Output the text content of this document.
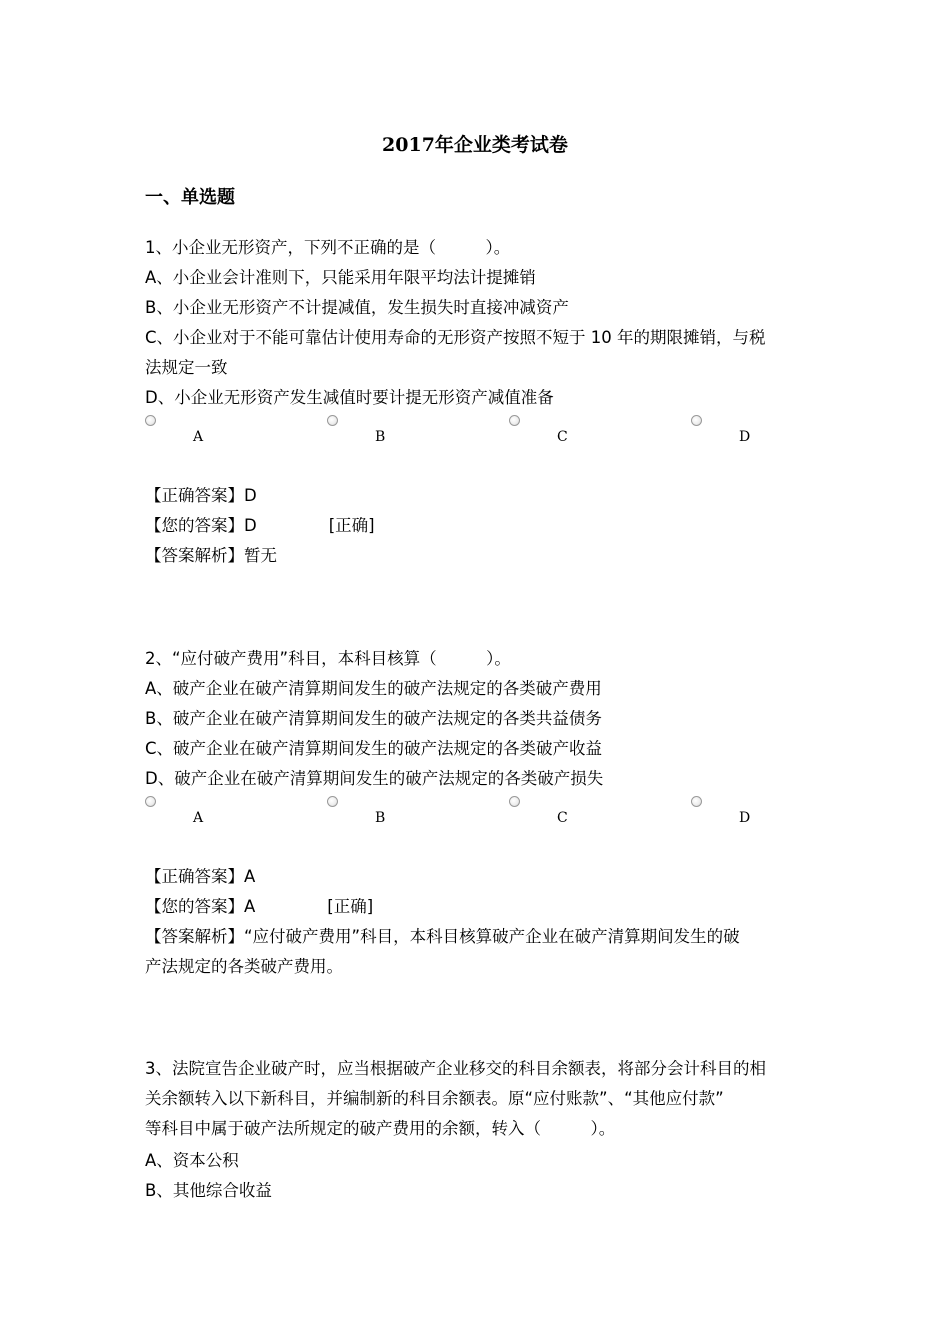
2017年企业类考试卷
一、单选题
1、小企业无形资产，下列不正确的是（　　　）。
A、小企业会计准则下，只能采用年限平均法计提摊销
B、小企业无形资产不计提减值，发生损失时直接冲减资产
C、小企业对于不能可靠估计使用寿命的无形资产按照不短于 10 年的期限摊销，与税
法规定一致
D、小企业无形资产发生减值时要计提无形资产减值准备
A	B	C	D
【正确答案】D
【您的答案】D	[正确]
【答案解析】暂无
2、“应付破产费用”科目，本科目核算（　　　）。
A、破产企业在破产清算期间发生的破产法规定的各类破产费用
B、破产企业在破产清算期间发生的破产法规定的各类共益债务
C、破产企业在破产清算期间发生的破产法规定的各类破产收益
D、破产企业在破产清算期间发生的破产法规定的各类破产损失
A	B	C	D
【正确答案】A
【您的答案】A	[正确]
【答案解析】“应付破产费用”科目，本科目核算破产企业在破产清算期间发生的破
产法规定的各类破产费用。
3、法院宣告企业破产时，应当根据破产企业移交的科目余额表，将部分会计科目的相
关余额转入以下新科目，并编制新的科目余额表。原“应付账款”、“其他应付款”
等科目中属于破产法所规定的破产费用的余额，转入（　　　）。
A、资本公积
B、其他综合收益
